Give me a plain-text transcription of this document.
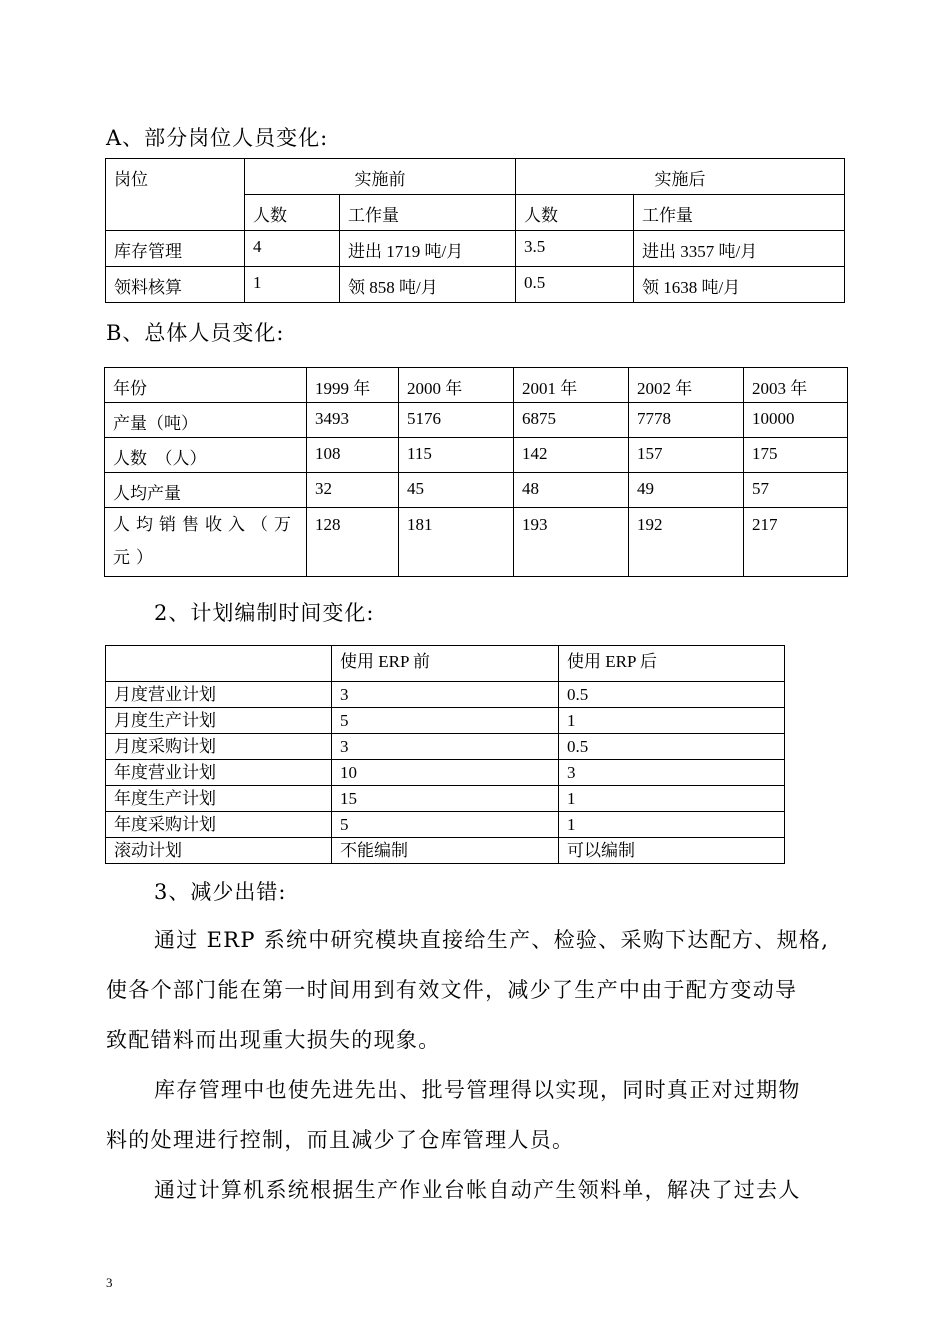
A、部分岗位人员变化:
岗位	实施前		实施后	
	人数	工作量	人数	工作量
库存管理	4	进出 1719 吨/月	3.5	进出 3357 吨/月
领料核算	1	领 858 吨/月	0.5	领 1638 吨/月
B、总体人员变化:
年份	1999 年	2000 年	2001 年	2002 年	2003 年
产量（吨）	3493	5176	6875	7778	10000
人数　（人）	108	115	142	157	175
人均产量	32	45	48	49	57
人均销售收入（万元）	128	181	193	192	217
2、计划编制时间变化:
	使用 ERP 前	使用 ERP 后
月度营业计划	3	0.5
月度生产计划	5	1
月度采购计划	3	0.5
年度营业计划	10	3
年度生产计划	15	1
年度采购计划	5	1
滚动计划	不能编制	可以编制
3、减少出错:
通过 ERP 系统中研究模块直接给生产、检验、采购下达配方、规格,
使各个部门能在第一时间用到有效文件，减少了生产中由于配方变动导
致配错料而出现重大损失的现象。
库存管理中也使先进先出、批号管理得以实现，同时真正对过期物
料的处理进行控制，而且减少了仓库管理人员。
通过计算机系统根据生产作业台帐自动产生领料单，解决了过去人
3
